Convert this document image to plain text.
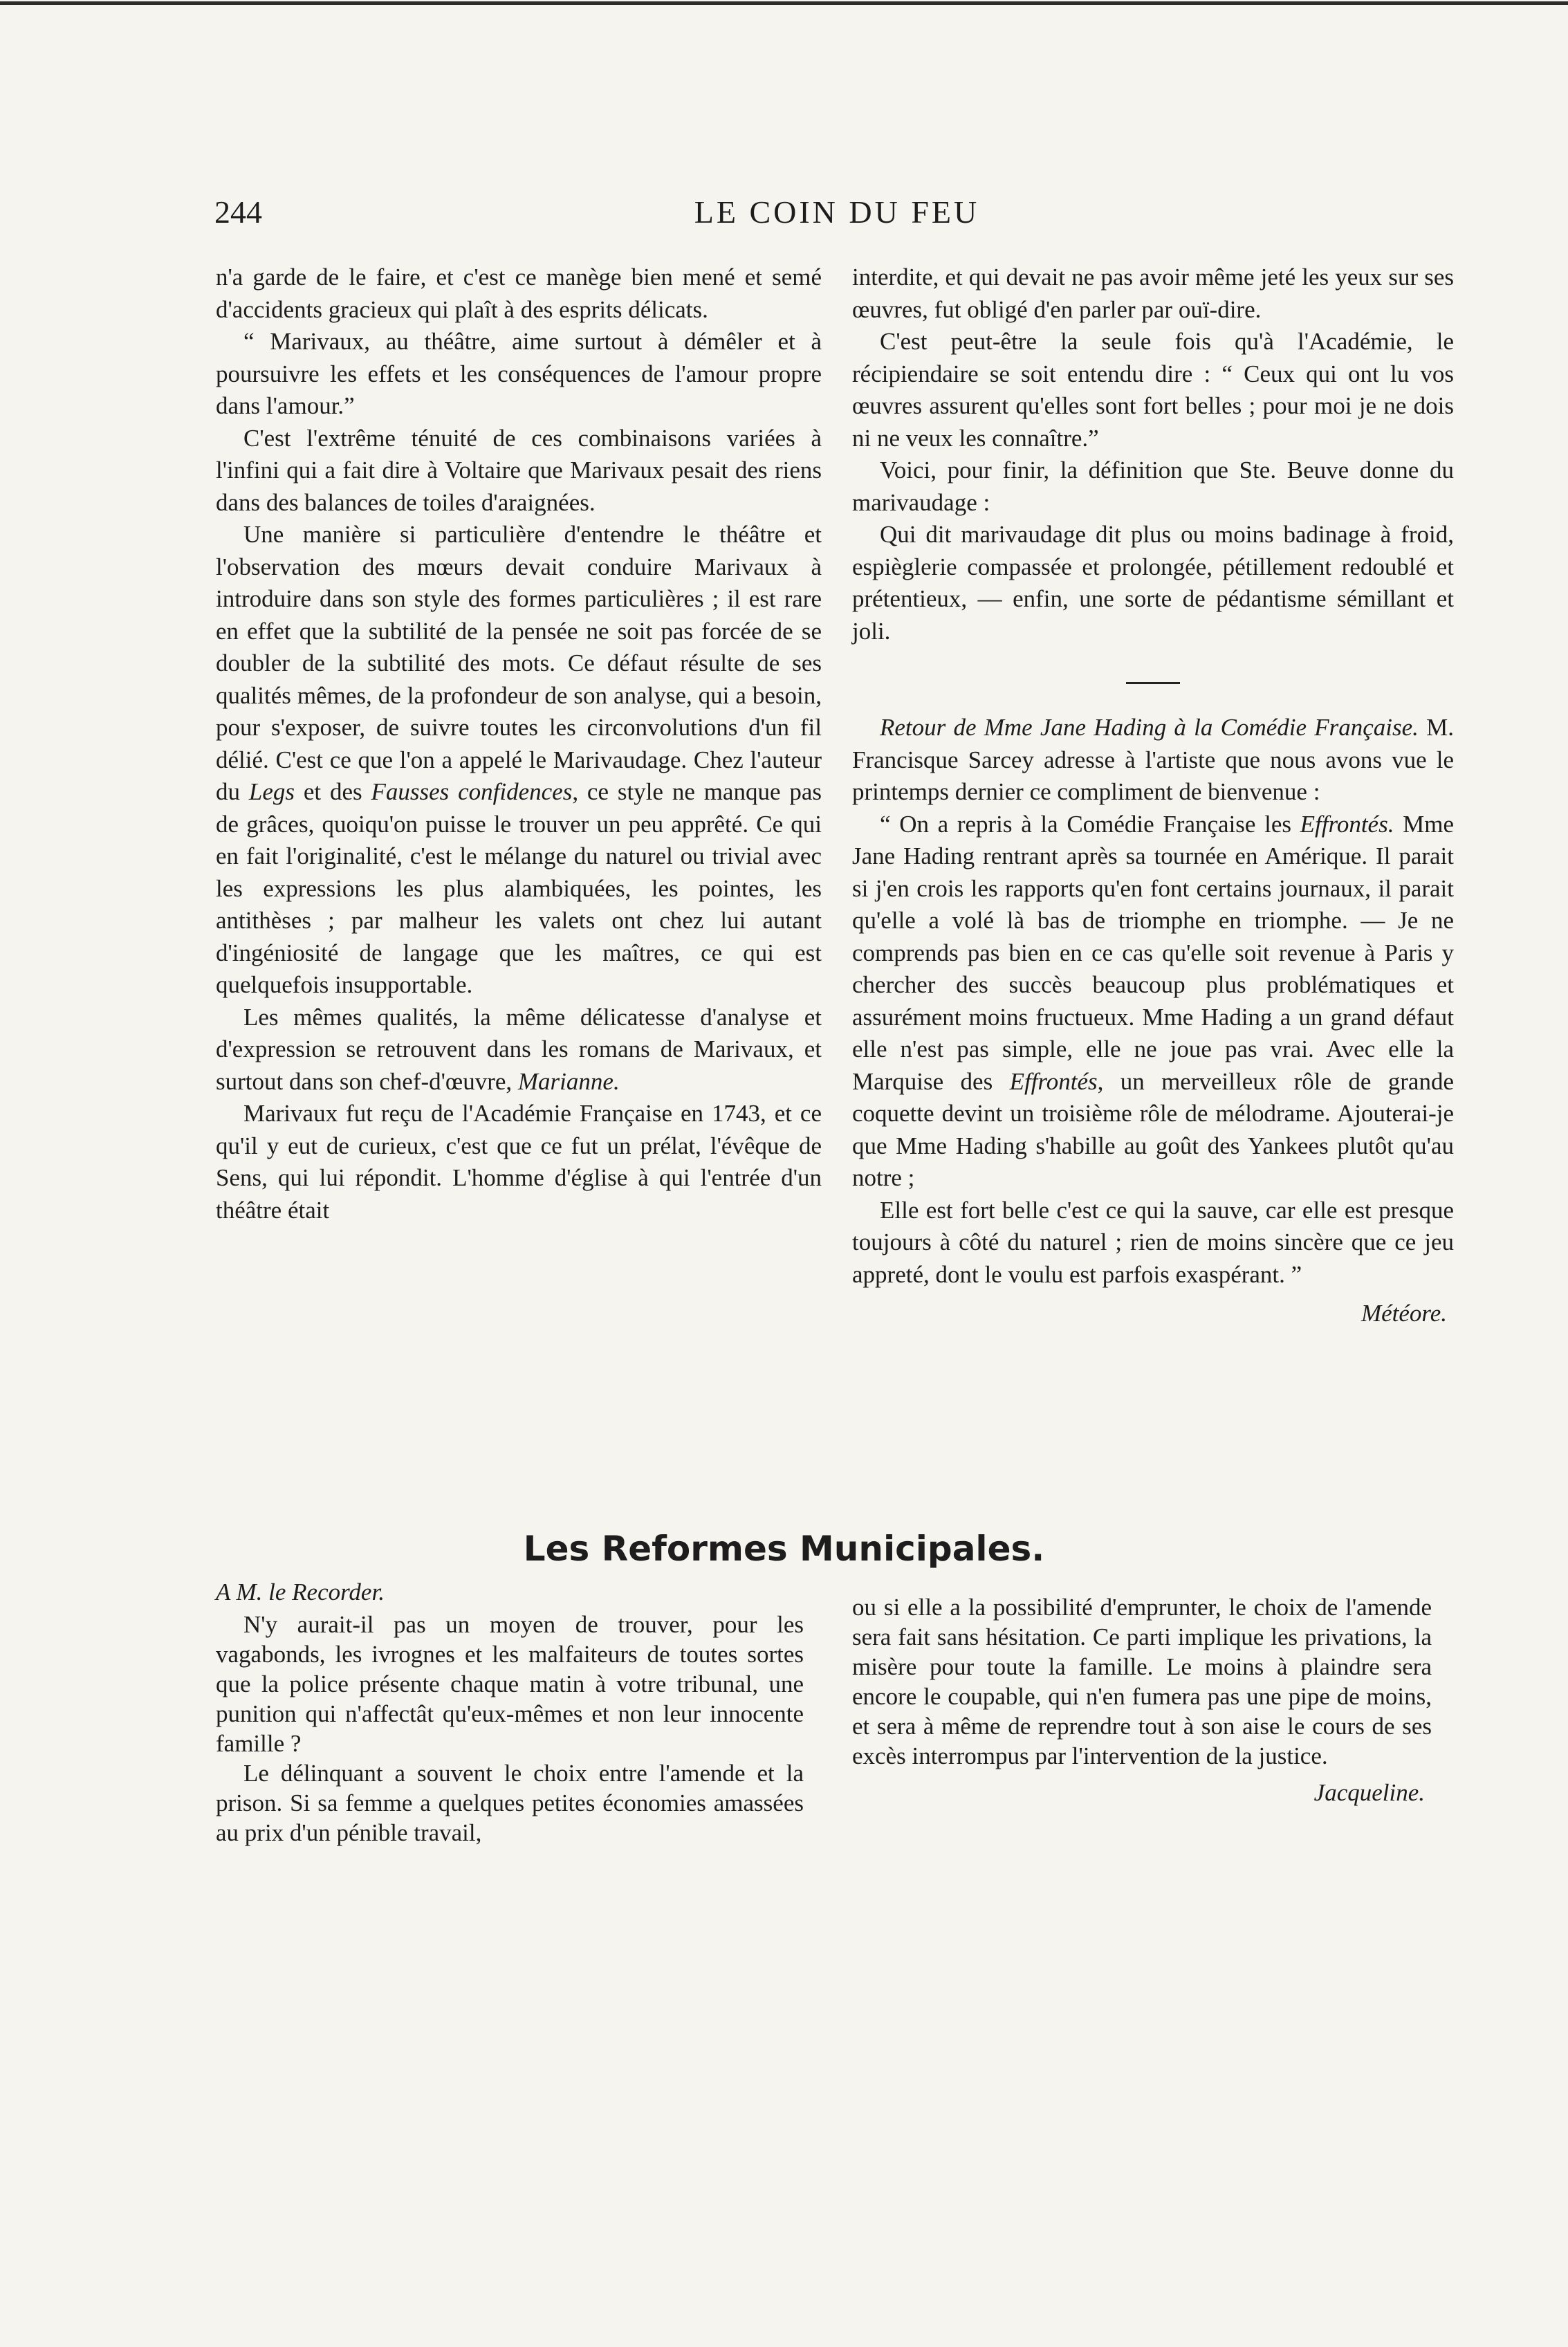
244	LE COIN DU FEU

n'a garde de le faire, et c'est ce manège bien mené et semé d'accidents gracieux qui plaît à des esprits délicats.

“ Marivaux, au théâtre, aime surtout à démêler et à poursuivre les effets et les conséquences de l'amour propre dans l'amour.”

C'est l'extrême ténuité de ces combinaisons variées à l'infini qui a fait dire à Voltaire que Marivaux pesait des riens dans des balances de toiles d'araignées.

Une manière si particulière d'entendre le théâtre et l'observation des mœurs devait conduire Marivaux à introduire dans son style des formes particulières ; il est rare en effet que la subtilité de la pensée ne soit pas forcée de se doubler de la subtilité des mots. Ce défaut résulte de ses qualités mêmes, de la profondeur de son analyse, qui a besoin, pour s'exposer, de suivre toutes les circonvolutions d'un fil délié. C'est ce que l'on a appelé le Marivaudage. Chez l'auteur du Legs et des Fausses confidences, ce style ne manque pas de grâces, quoiqu'on puisse le trouver un peu apprêté. Ce qui en fait l'originalité, c'est le mélange du naturel ou trivial avec les expressions les plus alambiquées, les pointes, les antithèses ; par malheur les valets ont chez lui autant d'ingéniosité de langage que les maîtres, ce qui est quelquefois insupportable.

Les mêmes qualités, la même délicatesse d'analyse et d'expression se retrouvent dans les romans de Marivaux, et surtout dans son chef-d'œuvre, Marianne.

Marivaux fut reçu de l'Académie Française en 1743, et ce qu'il y eut de curieux, c'est que ce fut un prélat, l'évêque de Sens, qui lui répondit. L'homme d'église à qui l'entrée d'un théâtre était

interdite, et qui devait ne pas avoir même jeté les yeux sur ses œuvres, fut obligé d'en parler par ouï-dire.

C'est peut-être la seule fois qu'à l'Académie, le récipiendaire se soit entendu dire : “ Ceux qui ont lu vos œuvres assurent qu'elles sont fort belles ; pour moi je ne dois ni ne veux les connaître.”

Voici, pour finir, la définition que Ste. Beuve donne du marivaudage :

Qui dit marivaudage dit plus ou moins badinage à froid, espièglerie compassée et prolongée, pétillement redoublé et prétentieux, — enfin, une sorte de pédantisme sémillant et joli.

Retour de Mme Jane Hading à la Comédie Française. M. Francisque Sarcey adresse à l'artiste que nous avons vue le printemps dernier ce compliment de bienvenue :

“ On a repris à la Comédie Française les Effrontés. Mme Jane Hading rentrant après sa tournée en Amérique. Il parait si j'en crois les rapports qu'en font certains journaux, il parait qu'elle a volé là bas de triomphe en triomphe. — Je ne comprends pas bien en ce cas qu'elle soit revenue à Paris y chercher des succès beaucoup plus problématiques et assurément moins fructueux. Mme Hading a un grand défaut elle n'est pas simple, elle ne joue pas vrai. Avec elle la Marquise des Effrontés, un merveilleux rôle de grande coquette devint un troisième rôle de mélodrame. Ajouterai-je que Mme Hading s'habille au goût des Yankees plutôt qu'au notre ;

Elle est fort belle c'est ce qui la sauve, car elle est presque toujours à côté du naturel ; rien de moins sincère que ce jeu appreté, dont le voulu est parfois exaspérant. ”

Météore.

Les Reformes Municipales.

A M. le Recorder.

N'y aurait-il pas un moyen de trouver, pour les vagabonds, les ivrognes et les malfaiteurs de toutes sortes que la police présente chaque matin à votre tribunal, une punition qui n'affectât qu'eux-mêmes et non leur innocente famille ?

Le délinquant a souvent le choix entre l'amende et la prison. Si sa femme a quelques petites économies amassées au prix d'un pénible travail,

ou si elle a la possibilité d'emprunter, le choix de l'amende sera fait sans hésitation. Ce parti implique les privations, la misère pour toute la famille. Le moins à plaindre sera encore le coupable, qui n'en fumera pas une pipe de moins, et sera à même de reprendre tout à son aise le cours de ses excès interrompus par l'intervention de la justice.

Jacqueline.
